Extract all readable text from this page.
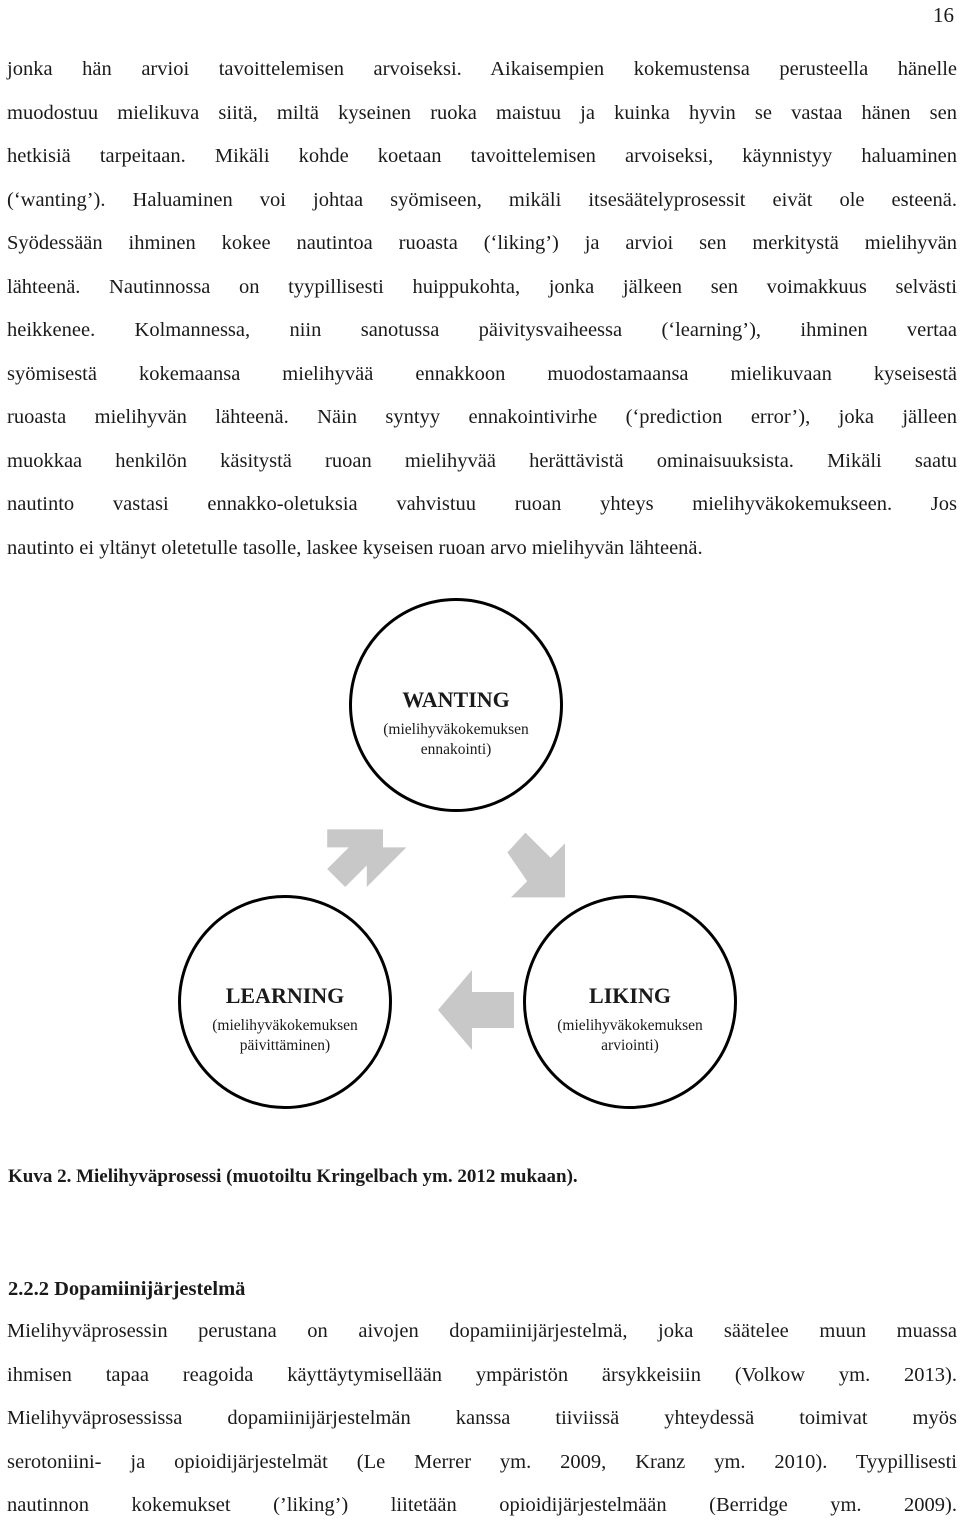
16
jonka hän arvioi tavoittelemisen arvoiseksi. Aikaisempien kokemustensa perusteella hänelle
muodostuu mielikuva siitä, miltä kyseinen ruoka maistuu ja kuinka hyvin se vastaa hänen sen
hetkisiä tarpeitaan. Mikäli kohde koetaan tavoittelemisen arvoiseksi, käynnistyy haluaminen
(‘wanting’). Haluaminen voi johtaa syömiseen, mikäli itsesäätelyprosessit eivät ole esteenä.
Syödessään ihminen kokee nautintoa ruoasta (‘liking’) ja arvioi sen merkitystä mielihyvän
lähteenä. Nautinnossa on tyypillisesti huippukohta, jonka jälkeen sen voimakkuus selvästi
heikkenee. Kolmannessa, niin sanotussa päivitysvaiheessa (‘learning’), ihminen vertaa
syömisestä kokemaansa mielihyvää ennakkoon muodostamaansa mielikuvaan kyseisestä
ruoasta mielihyvän lähteenä. Näin syntyy ennakointivirhe (‘prediction error’), joka jälleen
muokkaa henkilön käsitystä ruoan mielihyvää herättävistä ominaisuuksista. Mikäli saatu
nautinto vastasi ennakko-oletuksia vahvistuu ruoan yhteys mielihyväkokemukseen. Jos
nautinto ei yltänyt oletetulle tasolle, laskee kyseisen ruoan arvo mielihyvän lähteenä.
WANTING
(mielihyväkokemuksen
ennakointi)
LEARNING
(mielihyväkokemuksen
päivittäminen)
LIKING
(mielihyväkokemuksen
arviointi)
Kuva 2. Mielihyväprosessi (muotoiltu Kringelbach ym. 2012 mukaan).
2.2.2 Dopamiinijärjestelmä
Mielihyväprosessin perustana on aivojen dopamiinijärjestelmä, joka säätelee muun muassa
ihmisen tapaa reagoida käyttäytymisellään ympäristön ärsykkeisiin (Volkow ym. 2013).
Mielihyväprosessissa dopamiinijärjestelmän kanssa tiiviissä yhteydessä toimivat myös
serotoniini- ja opioidijärjestelmät (Le Merrer ym. 2009, Kranz ym. 2010). Tyypillisesti
nautinnon kokemukset (’liking’) liitetään opioidijärjestelmään (Berridge ym. 2009).
